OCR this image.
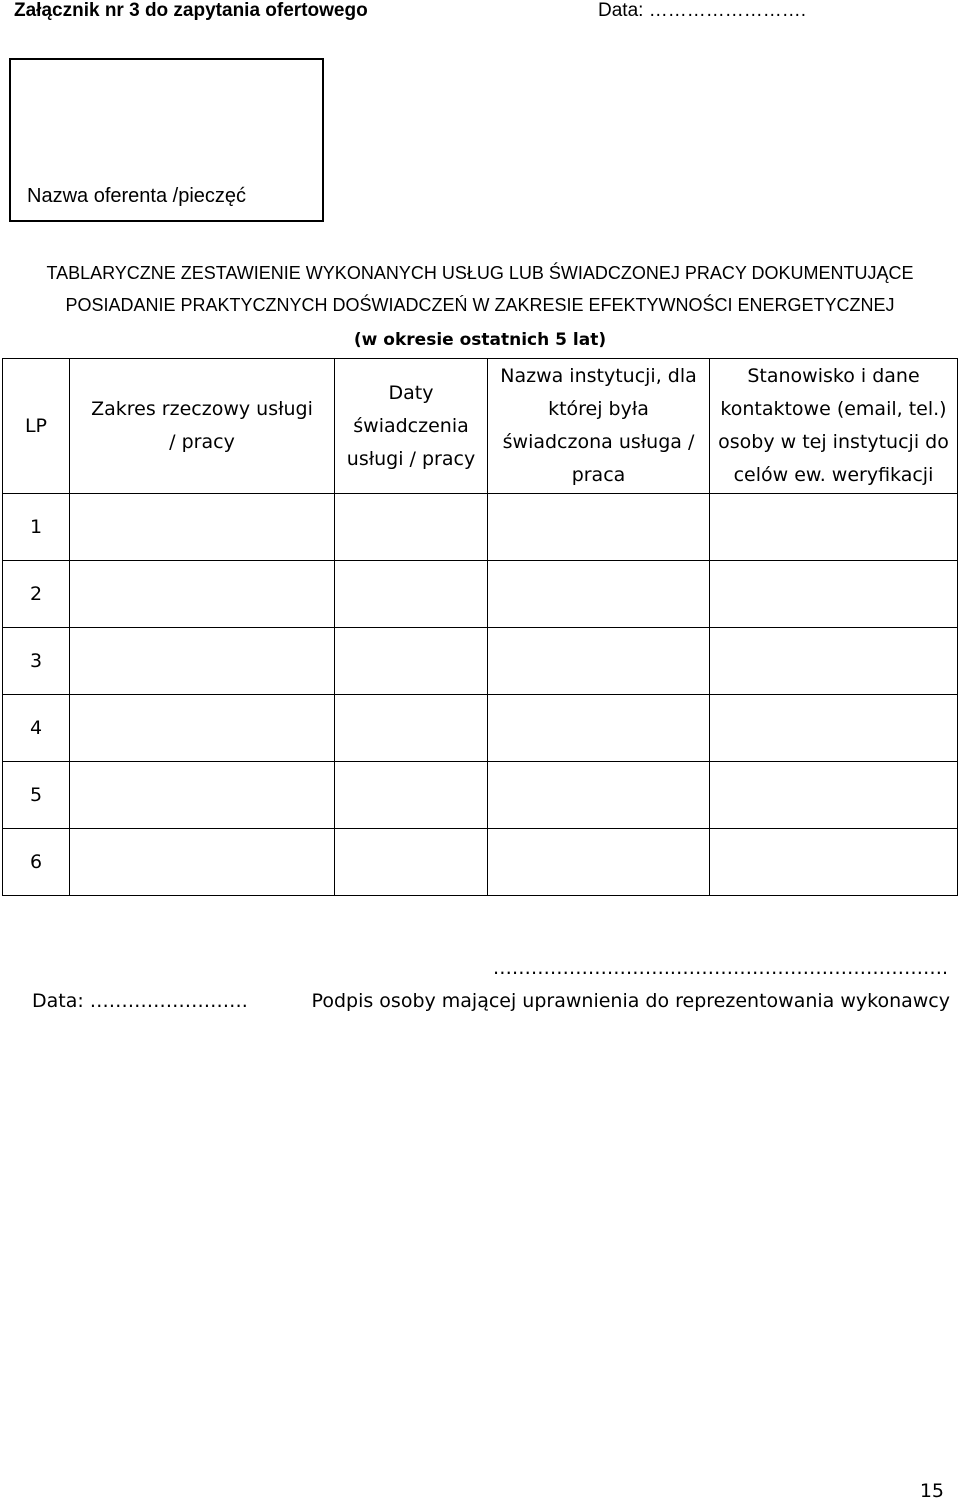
Załącznik nr 3 do zapytania ofertowego	Data: …………………….
Nazwa oferenta /pieczęć
TABLARYCZNE ZESTAWIENIE WYKONANYCH USŁUG LUB ŚWIADCZONEJ PRACY DOKUMENTUJĄCE
POSIADANIE PRAKTYCZNYCH DOŚWIADCZEŃ W ZAKRESIE EFEKTYWNOŚCI ENERGETYCZNEJ
(w okresie ostatnich 5 lat)
LP	Zakres rzeczowy usługi / pracy	Daty świadczenia usługi / pracy	Nazwa instytucji, dla której była świadczona usługa / praca	Stanowisko i dane kontaktowe (email, tel.) osoby w tej instytucji do celów ew. weryfikacji
1				
2				
3				
4				
5				
6				
Data: …………………….
………………………..…………………………………….
Podpis osoby mającej uprawnienia do reprezentowania wykonawcy
15
